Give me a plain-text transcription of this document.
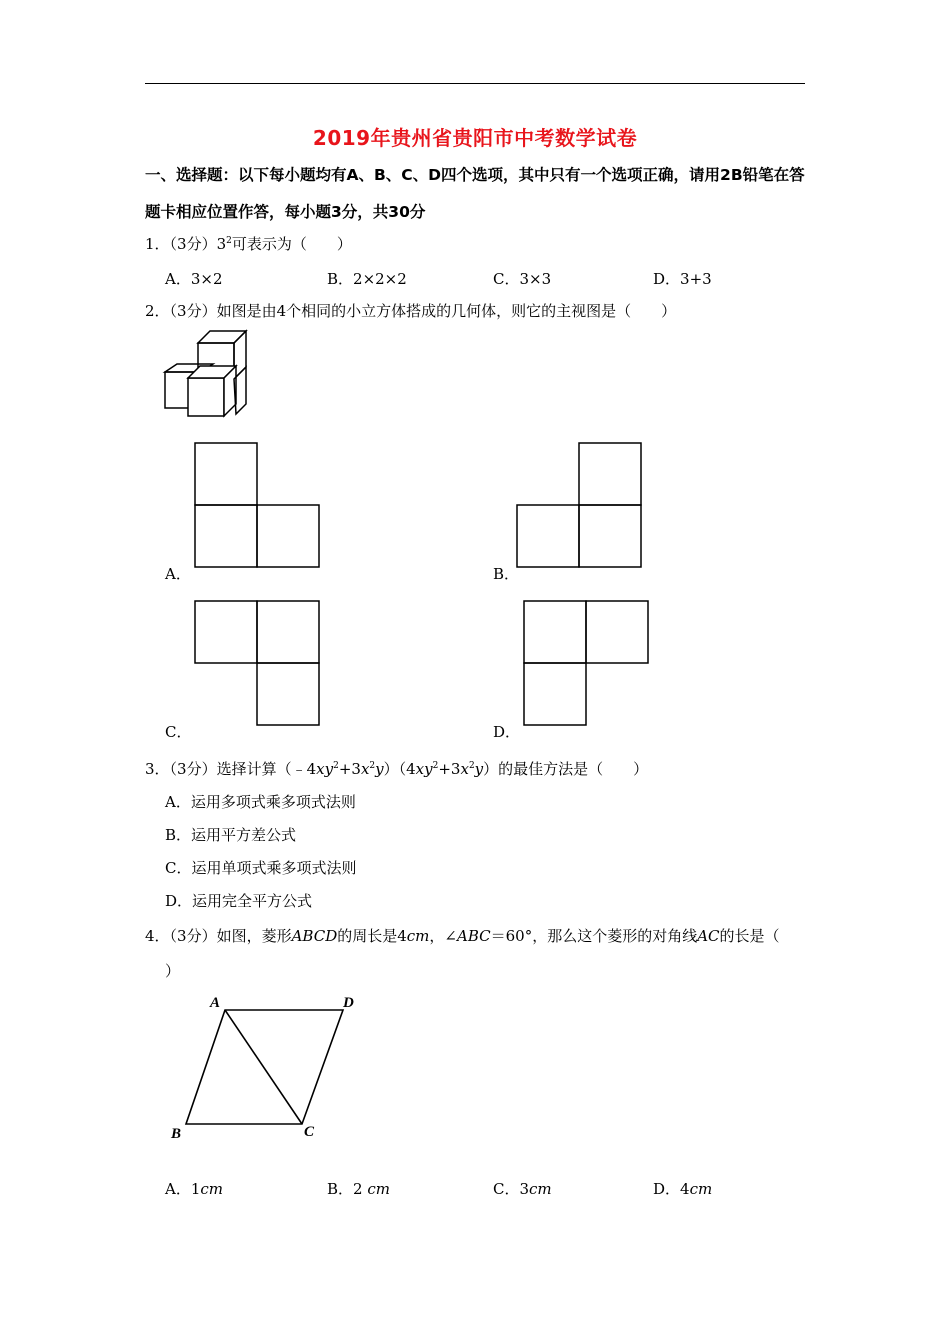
2019年贵州省贵阳市中考数学试卷
一、选择题：以下每小题均有A、B、C、D四个选项，其中只有一个选项正确，请用2B铅笔在答
题卡相应位置作答，每小题3分，共30分
1．（3分）$3^2$可表示为（　　）
A．3×2	B．2×2×2	C．3×3	D．3+3
2．（3分）如图是由4个相同的小立方体搭成的几何体，则它的主视图是（　　）
A．	B．
C．	D．
3．（3分）选择计算$(﹣4xy^2+3x^2y)(4xy^2+3x^2y)$的最佳方法是（　　）
A．运用多项式乘多项式法则
B．运用平方差公式
C．运用单项式乘多项式法则
D．运用完全平方公式
4．（3分）如图，菱形ABCD的周长是4cm，∠ABC＝60°，那么这个菱形的对角线AC的长是（
）
A	D
B	C
A．1cm	B．2 cm	C．3cm	D．4cm
